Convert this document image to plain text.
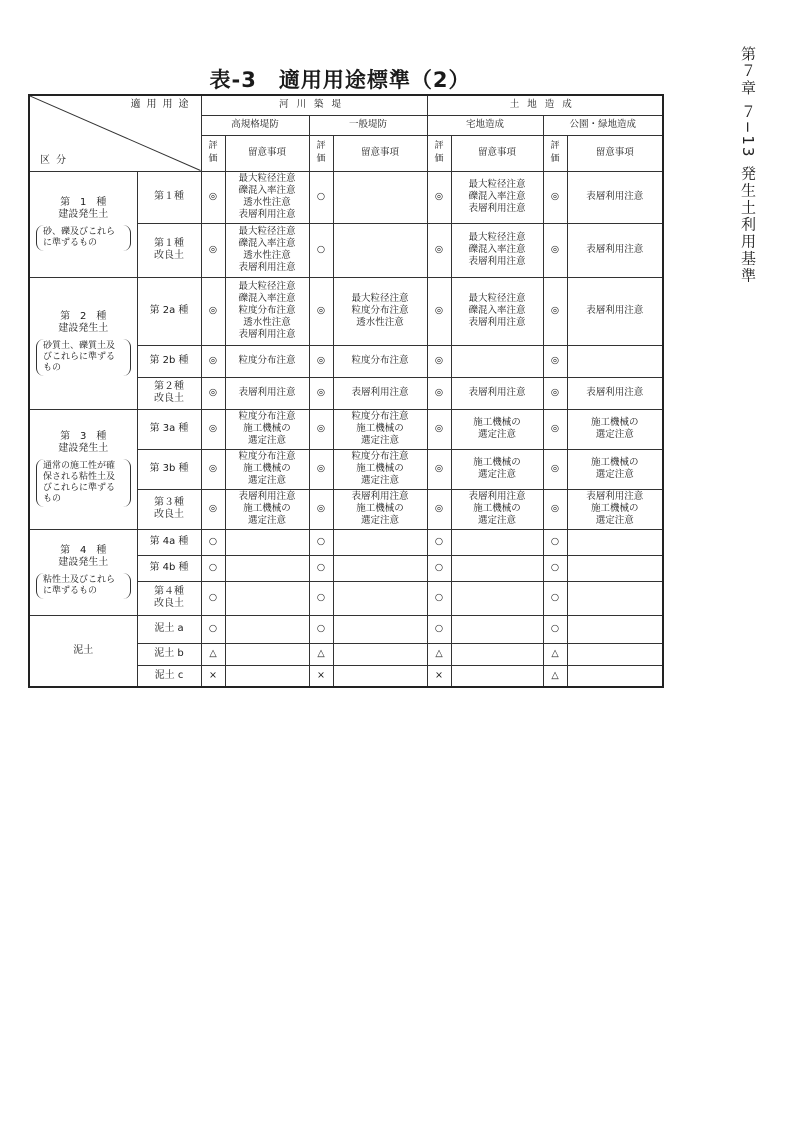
表-3　適用用途標準（2）	第７章 ７−13 発生土利用基準
適用用途
区分		河川築堤				土地造成			
		高規格堤防		一般堤防		宅地造成		公園・緑地造成	
		評価	留意事項	評価	留意事項	評価	留意事項	評価	留意事項

第　1　種
建設発生土
砂、礫及びこれらに準ずるもの	第１種	◎	最大粒径注意
礫混入率注意
透水性注意
表層利用注意	○		◎	最大粒径注意
礫混入率注意
表層利用注意	◎	表層利用注意
	第１種
改良土	◎	最大粒径注意
礫混入率注意
透水性注意
表層利用注意	○		◎	最大粒径注意
礫混入率注意
表層利用注意	◎	表層利用注意

第　2　種
建設発生土
砂質土、礫質土及びこれらに準ずるもの	第 2a 種	◎	最大粒径注意
礫混入率注意
粒度分布注意
透水性注意
表層利用注意	◎	最大粒径注意
粒度分布注意
透水性注意	◎	最大粒径注意
礫混入率注意
表層利用注意	◎	表層利用注意
	第 2b 種	◎	粒度分布注意	◎	粒度分布注意	◎		◎	
	第２種
改良土	◎	表層利用注意	◎	表層利用注意	◎	表層利用注意	◎	表層利用注意

第　3　種
建設発生土
通常の施工性が確保される粘性土及びこれらに準ずるもの	第 3a 種	◎	粒度分布注意
施工機械の
選定注意	◎	粒度分布注意
施工機械の
選定注意	◎	施工機械の
選定注意	◎	施工機械の
選定注意
	第 3b 種	◎	粒度分布注意
施工機械の
選定注意	◎	粒度分布注意
施工機械の
選定注意	◎	施工機械の
選定注意	◎	施工機械の
選定注意
	第３種
改良土	◎	表層利用注意
施工機械の
選定注意	◎	表層利用注意
施工機械の
選定注意	◎	表層利用注意
施工機械の
選定注意	◎	表層利用注意
施工機械の
選定注意

第　4　種
建設発生土
粘性土及びこれらに準ずるもの	第 4a 種	○		○		○		○	
	第 4b 種	○		○		○		○	
	第４種
改良土	○		○		○		○	

泥土	泥土 a	○		○		○		○	
	泥土 b	△		△		△		△	
	泥土 c	×		×		×		△	
